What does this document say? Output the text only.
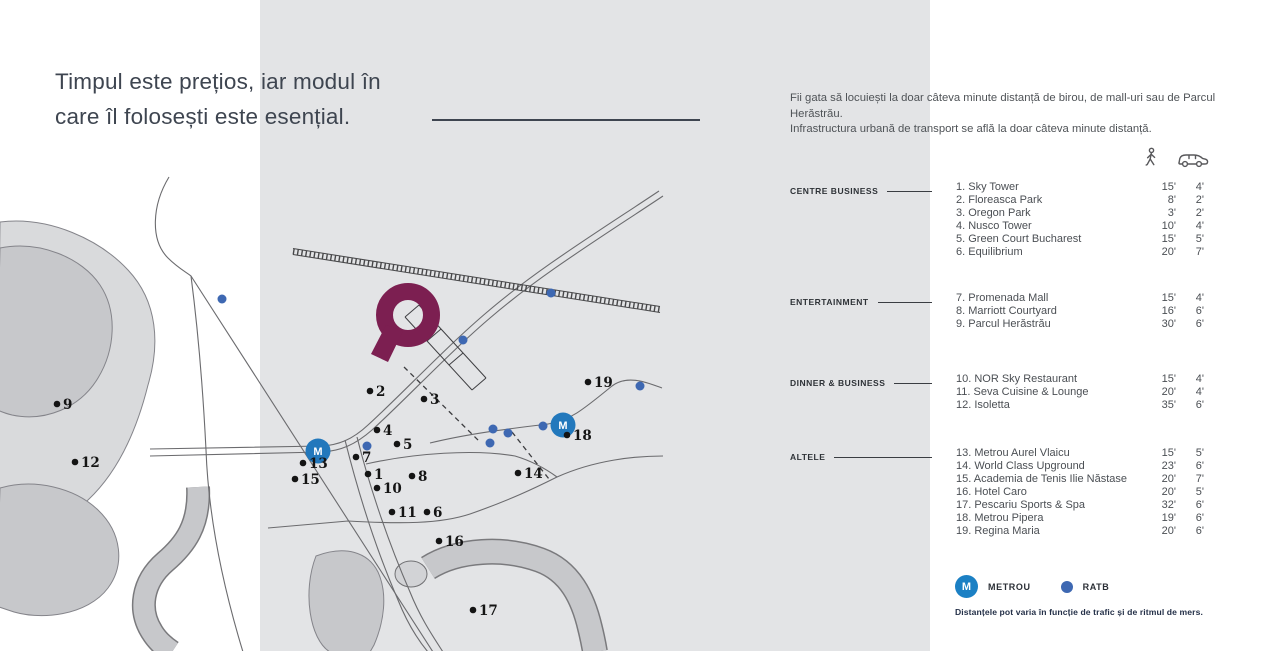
M
M
1
2	3
4
5
6
7
8
9
10
11
12	13
14
15
16
17
18
19
Timpul este prețios, iar modul în
care îl folosești este esențial.
Fii gata să locuiești la doar câteva minute distanță de birou, de mall-uri sau de Parcul Herăstrău.
Infrastructura urbană de transport se află la doar câteva minute distanță.
CENTRE BUSINESS	1. Sky Tower	15'	4'
2. Floreasca Park	8'	2'
3. Oregon Park	3'	2'
4. Nusco Tower	10'	4'
5. Green Court Bucharest	15'	5'
6. Equilibrium	20'	7'
ENTERTAINMENT	7. Promenada Mall	15'	4'
8. Marriott Courtyard	16'	6'
9. Parcul Herăstrău	30'	6'
DINNER & BUSINESS	10. NOR Sky Restaurant	15'	4'
11. Seva Cuisine & Lounge	20'	4'
12. Isoletta	35'	6'
ALTELE	13. Metrou Aurel Vlaicu	15'	5'
14. World Class Upground	23'	6'
15. Academia de Tenis Ilie Năstase	20'	7'
16. Hotel Caro	20'	5'
17. Pescariu Sports & Spa	32'	6'
18. Metrou Pipera	19'	6'
19. Regina Maria	20'	6'
M METROU	RATB
Distanțele pot varia în funcție de trafic și de ritmul de mers.
